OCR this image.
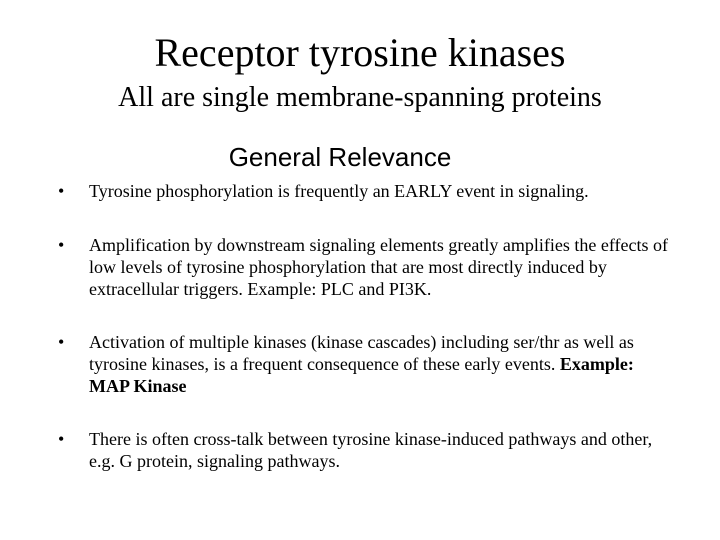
Receptor tyrosine kinases
All are single membrane-spanning proteins
General Relevance
• Tyrosine phosphorylation is frequently an EARLY event in signaling.
• Amplification by downstream signaling elements greatly amplifies the effects of low levels of tyrosine phosphorylation that are most directly induced by extracellular triggers. Example: PLC and PI3K.
• Activation of multiple kinases (kinase cascades) including ser/thr as well as tyrosine kinases, is a frequent consequence of these early events. Example: MAP Kinase
• There is often cross-talk between tyrosine kinase-induced pathways and other, e.g. G protein, signaling pathways.
